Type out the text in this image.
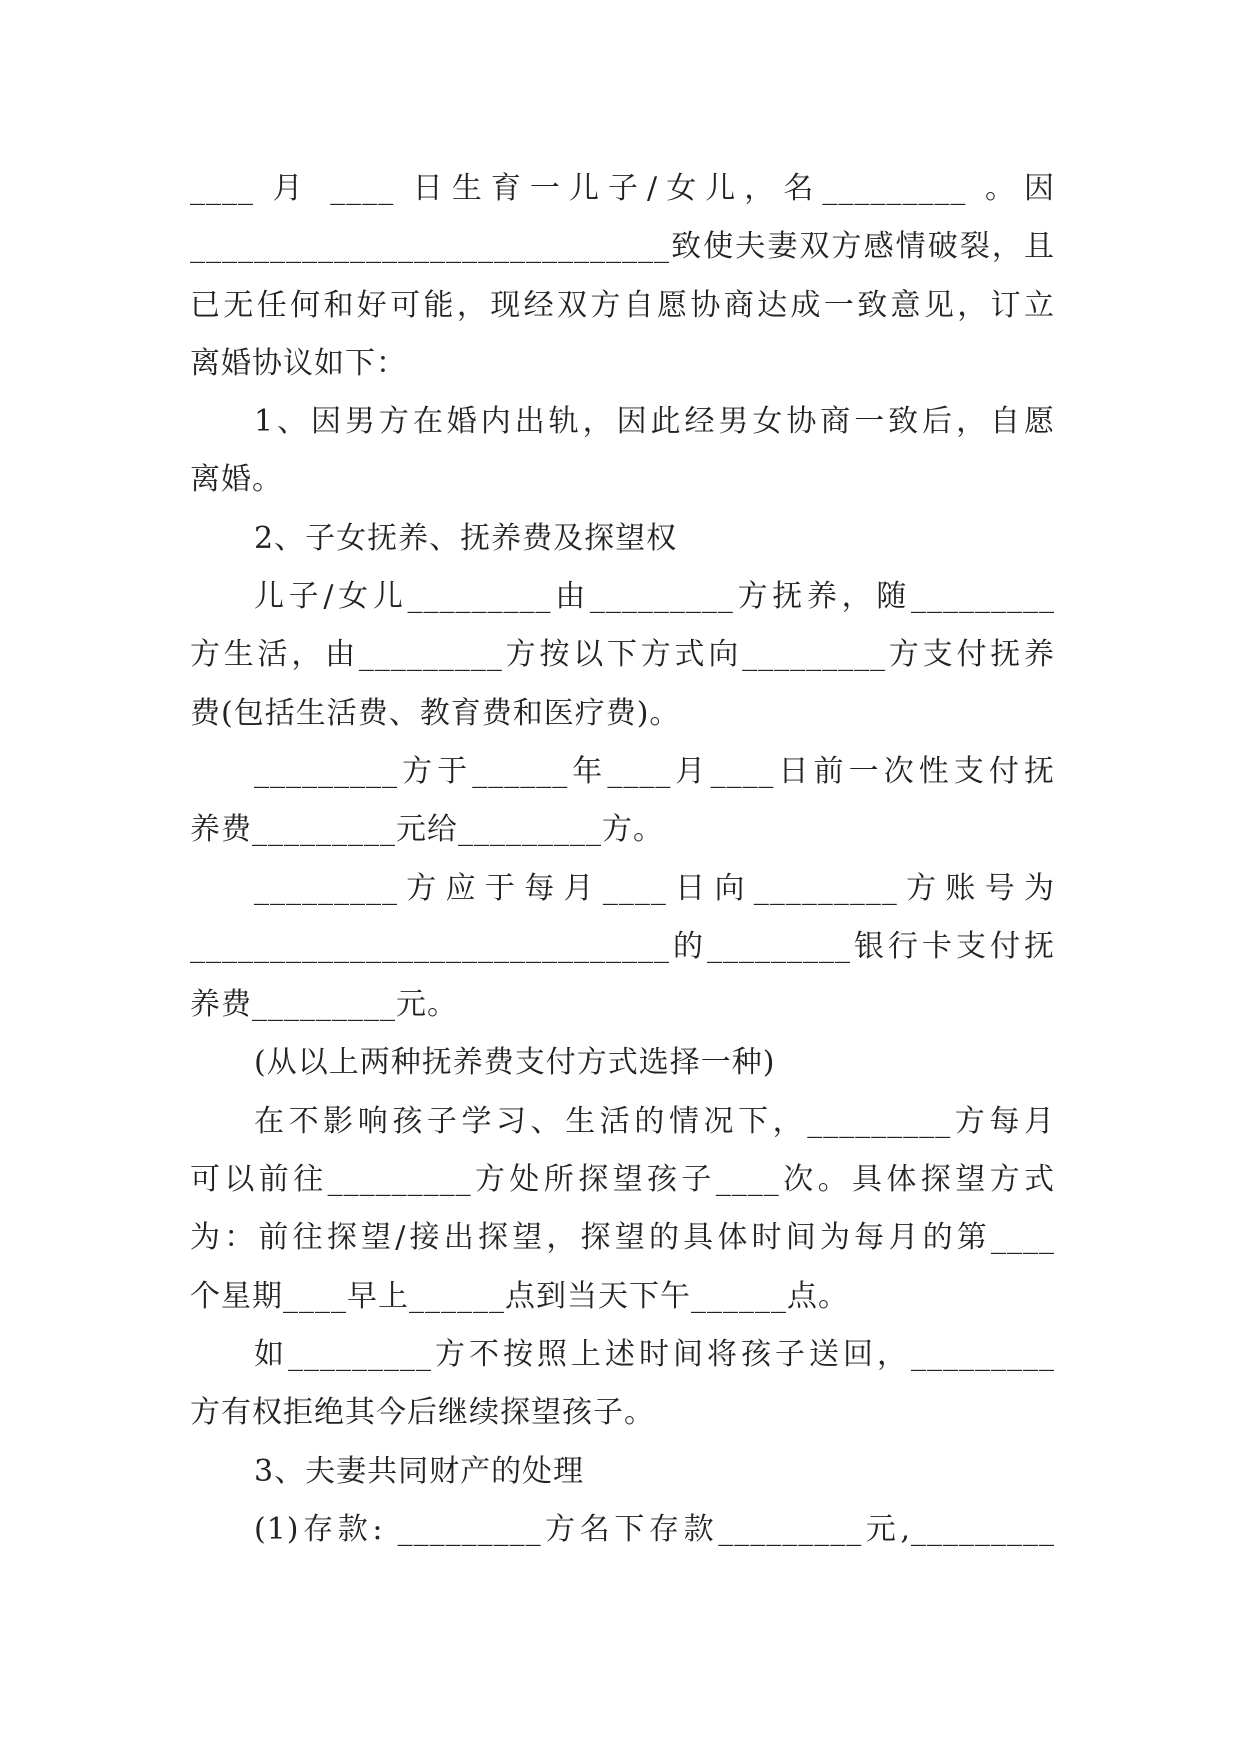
____ 月 ____ 日生育一儿子/女儿，名_________ 。因
______________________________致使夫妻双方感情破裂，且
已无任何和好可能，现经双方自愿协商达成一致意见，订立
离婚协议如下：
1、因男方在婚内出轨，因此经男女协商一致后，自愿
离婚。
2、子女抚养、抚养费及探望权
儿子/女儿_________由_________方抚养，随_________
方生活，由_________方按以下方式向_________方支付抚养
费(包括生活费、教育费和医疗费)。
_________方于______年____月____日前一次性支付抚
养费_________元给_________方。
_________方应于每月____日向_________方账号为
______________________________的_________银行卡支付抚
养费_________元。
(从以上两种抚养费支付方式选择一种)
在不影响孩子学习、生活的情况下，_________方每月
可以前往_________方处所探望孩子____次。具体探望方式
为：前往探望/接出探望，探望的具体时间为每月的第____
个星期____早上______点到当天下午______点。
如_________方不按照上述时间将孩子送回，_________
方有权拒绝其今后继续探望孩子。
3、夫妻共同财产的处理
(1)存款: _________方名下存款_________元,_________
